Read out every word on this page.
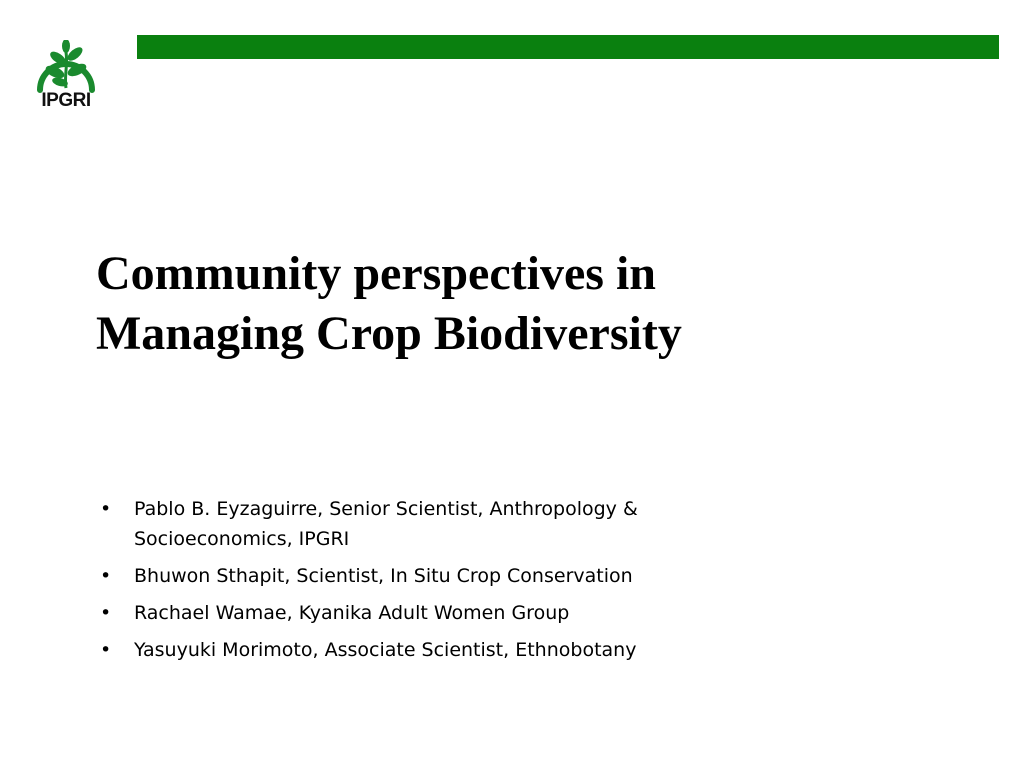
IPGRI
Community perspectives in
Managing Crop Biodiversity
• Pablo B. Eyzaguirre, Senior Scientist, Anthropology &
Socioeconomics, IPGRI
• Bhuwon Sthapit, Scientist, In Situ Crop Conservation
• Rachael Wamae, Kyanika Adult Women Group
• Yasuyuki Morimoto, Associate Scientist, Ethnobotany
